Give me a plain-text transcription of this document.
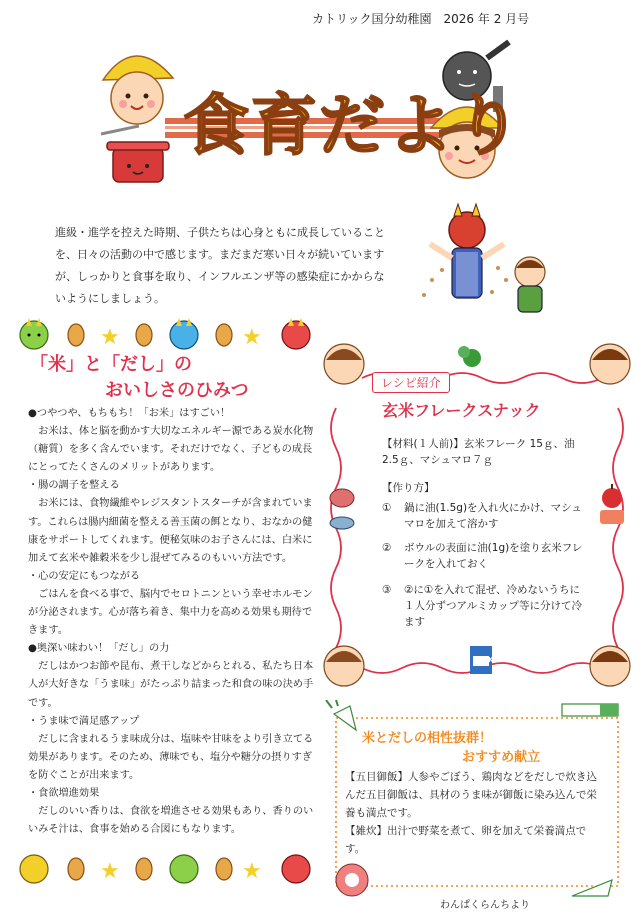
カトリック国分幼稚園　2026 年 2 月号
食育だより
進級・進学を控えた時期、子供たちは心身ともに成長していることを、日々の活動の中で感じます。まだまだ寒い日々が続いていますが、しっかりと食事を取り、インフルエンザ等の感染症にかからないようにしましょう。
★	★
「米」と「だし」の
おいしさのひみつ

●つやつや、もちもち！「お米」はすごい！

　お米は、体と脳を動かす大切なエネルギー源である炭水化物（糖質）を多く含んでいます。それだけでなく、子どもの成長にとってたくさんのメリットがあります。

・腸の調子を整える

　お米には、食物繊維やレジスタントスターチが含まれています。これらは腸内細菌を整える善玉菌の餌となり、おなかの健康をサポートしてくれます。便秘気味のお子さんには、白米に加えて玄米や雑穀米を少し混ぜてみるのもいい方法です。

・心の安定にもつながる

　ごはんを食べる事で、脳内でセロトニンという幸せホルモンが分泌されます。心が落ち着き、集中力を高める効果も期待できます。

●奥深い味わい！「だし」の力

　だしはかつお節や昆布、煮干しなどからとれる、私たち日本人が大好きな「うま味」がたっぷり詰まった和食の味の決め手です。

・うま味で満足感アップ

　だしに含まれるうま味成分は、塩味や甘味をより引き立てる効果があります。そのため、薄味でも、塩分や糖分の摂りすぎを防ぐことが出来ます。

・食欲増進効果

　だしのいい香りは、食欲を増進させる効果もあり、香りのいいみそ汁は、食事を始める合図にもなります。

★	★
レシピ紹介
玄米フレークスナック
【材料(１人前)】玄米フレーク 15ｇ、油 2.5ｇ、マシュマロ７ｇ
【作り方】
①	鍋に油(1.5g)を入れ火にかけ、マシュマロを加えて溶かす
②	ボウルの表面に油(1g)を塗り玄米フレークを入れておく
③	②に①を入れて混ぜ、冷めないうちに１人分ずつアルミカップ等に分けて冷ます
MILK
米とだしの相性抜群！
おすすめ献立

【五目御飯】人参やごぼう、鶏肉などをだしで炊き込んだ五目御飯は、具材のうま味が御飯に染み込んで栄養も満点です。

【雑炊】出汁で野菜を煮て、卵を加えて栄養満点です。

わんぱくらんちより
